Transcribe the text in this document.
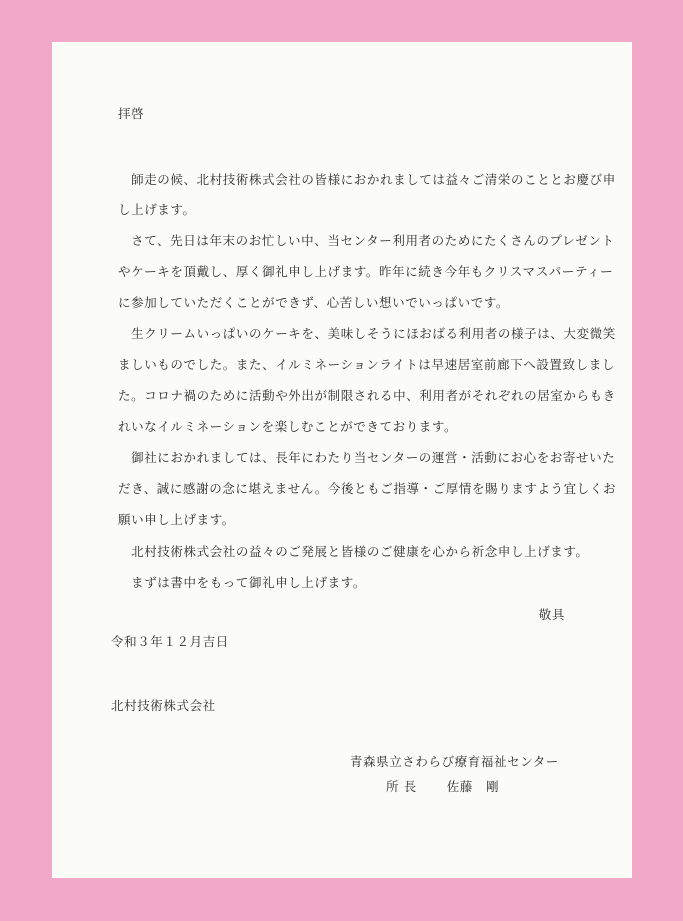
拝啓
　師走の候、北村技術株式会社の皆様におかれましては益々ご清栄のこととお慶び申
し上げます。
　さて、先日は年末のお忙しい中、当センター利用者のためにたくさんのプレゼント
やケーキを頂戴し、厚く御礼申し上げます。昨年に続き今年もクリスマスパーティー
に参加していただくことができず、心苦しい想いでいっぱいです。
　生クリームいっぱいのケーキを、美味しそうにほおばる利用者の様子は、大変微笑
ましいものでした。また、イルミネーションライトは早速居室前廊下へ設置致しまし
た。コロナ禍のために活動や外出が制限される中、利用者がそれぞれの居室からもき
れいなイルミネーションを楽しむことができております。
　御社におかれましては、長年にわたり当センターの運営・活動にお心をお寄せいた
だき、誠に感謝の念に堪えません。今後ともご指導・ご厚情を賜りますよう宜しくお
願い申し上げます。
　北村技術株式会社の益々のご発展と皆様のご健康を心から祈念申し上げます。
　まずは書中をもって御礼申し上げます。
敬具
令和３年１２月吉日
北村技術株式会社
青森県立さわらび療育福祉センター
所 長 佐藤　剛
